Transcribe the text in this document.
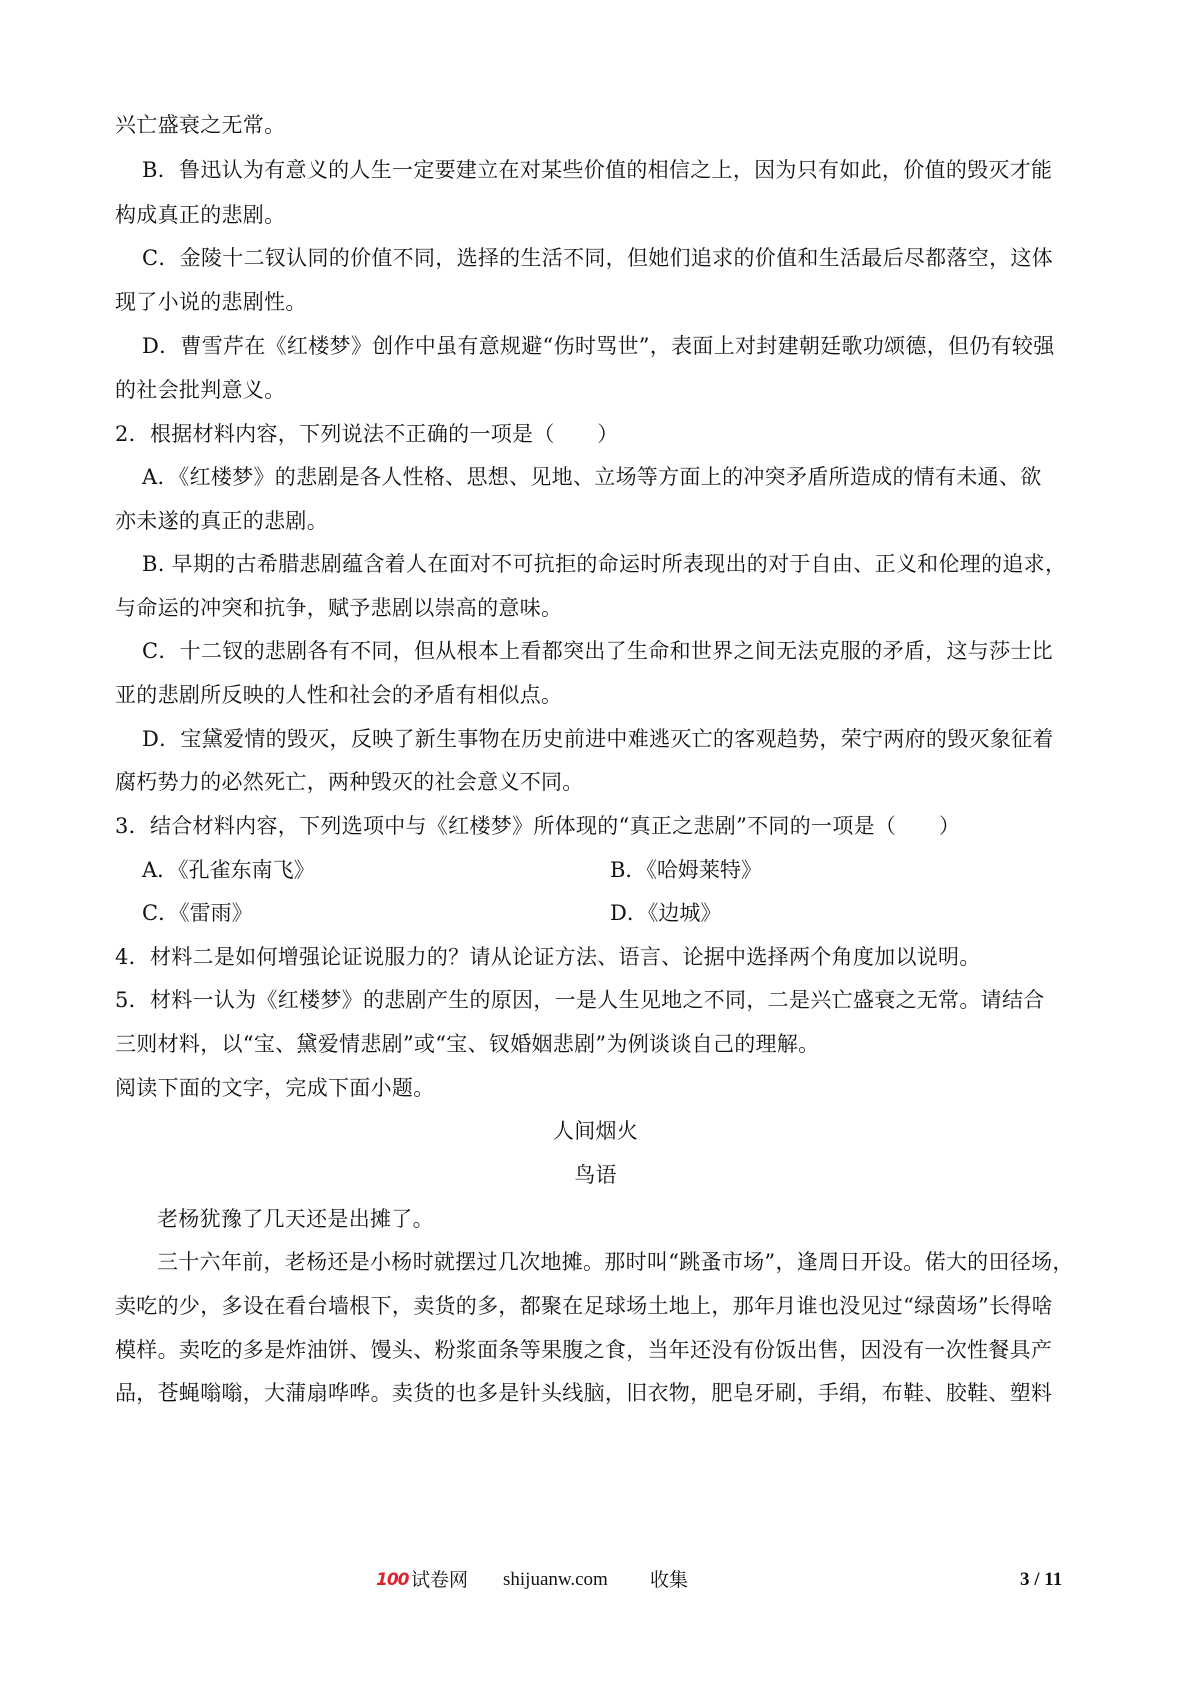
兴亡盛衰之无常。
B．鲁迅认为有意义的人生一定要建立在对某些价值的相信之上，因为只有如此，价值的毁灭才能
构成真正的悲剧。
C．金陵十二钗认同的价值不同，选择的生活不同，但她们追求的价值和生活最后尽都落空，这体
现了小说的悲剧性。
D．曹雪芹在《红楼梦》创作中虽有意规避“伤时骂世”，表面上对封建朝廷歌功颂德，但仍有较强
的社会批判意义。
2．根据材料内容，下列说法不正确的一项是（　　）
A．《红楼梦》的悲剧是各人性格、思想、见地、立场等方面上的冲突矛盾所造成的情有未通、欲
亦未遂的真正的悲剧。
B. 早期的古希腊悲剧蕴含着人在面对不可抗拒的命运时所表现出的对于自由、正义和伦理的追求，
与命运的冲突和抗争，赋予悲剧以崇高的意味。
C．十二钗的悲剧各有不同，但从根本上看都突出了生命和世界之间无法克服的矛盾，这与莎士比
亚的悲剧所反映的人性和社会的矛盾有相似点。
D．宝黛爱情的毁灭，反映了新生事物在历史前进中难逃灭亡的客观趋势，荣宁两府的毁灭象征着
腐朽势力的必然死亡，两种毁灭的社会意义不同。
3．结合材料内容，下列选项中与《红楼梦》所体现的“真正之悲剧”不同的一项是（　　）
A．《孔雀东南飞》	B．《哈姆莱特》
C．《雷雨》	D．《边城》
4．材料二是如何增强论证说服力的？请从论证方法、语言、论据中选择两个角度加以说明。
5．材料一认为《红楼梦》的悲剧产生的原因，一是人生见地之不同，二是兴亡盛衰之无常。请结合
三则材料，以“宝、黛爱情悲剧”或“宝、钗婚姻悲剧”为例谈谈自己的理解。
阅读下面的文字，完成下面小题。
人间烟火
鸟语
老杨犹豫了几天还是出摊了。
三十六年前，老杨还是小杨时就摆过几次地摊。那时叫“跳蚤市场”，逢周日开设。偌大的田径场，
卖吃的少，多设在看台墙根下，卖货的多，都聚在足球场土地上，那年月谁也没见过“绿茵场”长得啥
模样。卖吃的多是炸油饼、馒头、粉浆面条等果腹之食，当年还没有份饭出售，因没有一次性餐具产
品，苍蝇嗡嗡，大蒲扇哗哗。卖货的也多是针头线脑，旧衣物，肥皂牙刷，手绢，布鞋、胶鞋、塑料
100 试卷网 shijuanw.com 收集	3 / 11
